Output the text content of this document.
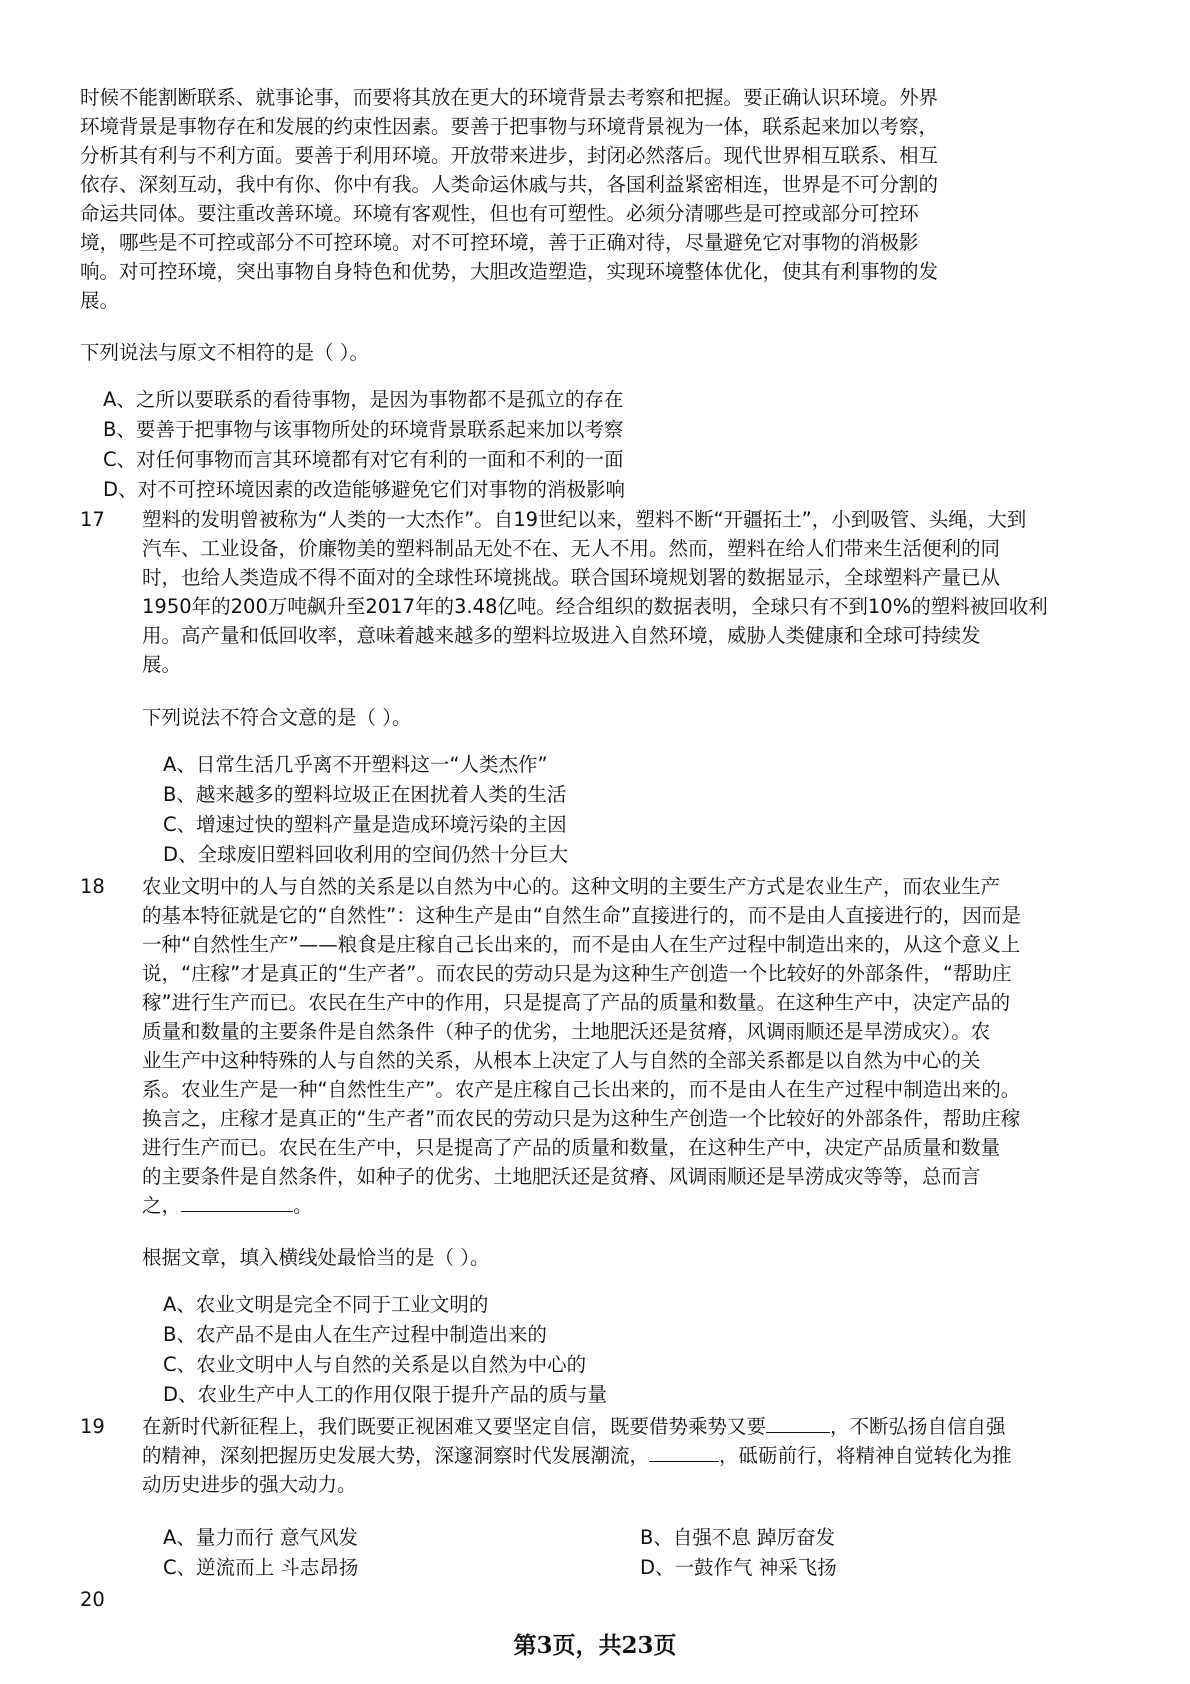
时候不能割断联系、就事论事，而要将其放在更大的环境背景去考察和把握。要正确认识环境。外界
环境背景是事物存在和发展的约束性因素。要善于把事物与环境背景视为一体，联系起来加以考察，
分析其有利与不利方面。要善于利用环境。开放带来进步，封闭必然落后。现代世界相互联系、相互
依存、深刻互动，我中有你、你中有我。人类命运休戚与共，各国利益紧密相连，世界是不可分割的
命运共同体。要注重改善环境。环境有客观性，但也有可塑性。必须分清哪些是可控或部分可控环
境，哪些是不可控或部分不可控环境。对不可控环境，善于正确对待，尽量避免它对事物的消极影
响。对可控环境，突出事物自身特色和优势，大胆改造塑造，实现环境整体优化，使其有利事物的发
展。
下列说法与原文不相符的是（ ）。
A、之所以要联系的看待事物，是因为事物都不是孤立的存在
B、要善于把事物与该事物所处的环境背景联系起来加以考察
C、对任何事物而言其环境都有对它有利的一面和不利的一面
D、对不可控环境因素的改造能够避免它们对事物的消极影响
17 塑料的发明曾被称为“人类的一大杰作”。自19世纪以来，塑料不断“开疆拓土”，小到吸管、头绳，大到
汽车、工业设备，价廉物美的塑料制品无处不在、无人不用。然而，塑料在给人们带来生活便利的同
时，也给人类造成不得不面对的全球性环境挑战。联合国环境规划署的数据显示，全球塑料产量已从
1950年的200万吨飙升至2017年的3.48亿吨。经合组织的数据表明，全球只有不到10%的塑料被回收利
用。高产量和低回收率，意味着越来越多的塑料垃圾进入自然环境，威胁人类健康和全球可持续发
展。
下列说法不符合文意的是（ ）。
A、日常生活几乎离不开塑料这一“人类杰作”
B、越来越多的塑料垃圾正在困扰着人类的生活
C、增速过快的塑料产量是造成环境污染的主因
D、全球废旧塑料回收利用的空间仍然十分巨大
18 农业文明中的人与自然的关系是以自然为中心的。这种文明的主要生产方式是农业生产，而农业生产
的基本特征就是它的“自然性”：这种生产是由“自然生命”直接进行的，而不是由人直接进行的，因而是
一种“自然性生产”——粮食是庄稼自己长出来的，而不是由人在生产过程中制造出来的，从这个意义上
说，“庄稼”才是真正的“生产者”。而农民的劳动只是为这种生产创造一个比较好的外部条件，“帮助庄
稼”进行生产而已。农民在生产中的作用，只是提高了产品的质量和数量。在这种生产中，决定产品的
质量和数量的主要条件是自然条件（种子的优劣，土地肥沃还是贫瘠，风调雨顺还是旱涝成灾）。农
业生产中这种特殊的人与自然的关系，从根本上决定了人与自然的全部关系都是以自然为中心的关
系。农业生产是一种“自然性生产”。农产是庄稼自己长出来的，而不是由人在生产过程中制造出来的。
换言之，庄稼才是真正的“生产者”而农民的劳动只是为这种生产创造一个比较好的外部条件，帮助庄稼
进行生产而已。农民在生产中，只是提高了产品的质量和数量，在这种生产中，决定产品质量和数量
的主要条件是自然条件，如种子的优劣、土地肥沃还是贫瘠、风调雨顺还是旱涝成灾等等，总而言
之，	。
根据文章，填入横线处最恰当的是（ ）。
A、农业文明是完全不同于工业文明的
B、农产品不是由人在生产过程中制造出来的
C、农业文明中人与自然的关系是以自然为中心的
D、农业生产中人工的作用仅限于提升产品的质与量
19 在新时代新征程上，我们既要正视困难又要坚定自信，既要借势乘势又要	，不断弘扬自信自强
的精神，深刻把握历史发展大势，深邃洞察时代发展潮流，	，砥砺前行，将精神自觉转化为推
动历史进步的强大动力。
A、量力而行 意气风发	B、自强不息 踔厉奋发
C、逆流而上 斗志昂扬	D、一鼓作气 神采飞扬
20
第3页，共23页
